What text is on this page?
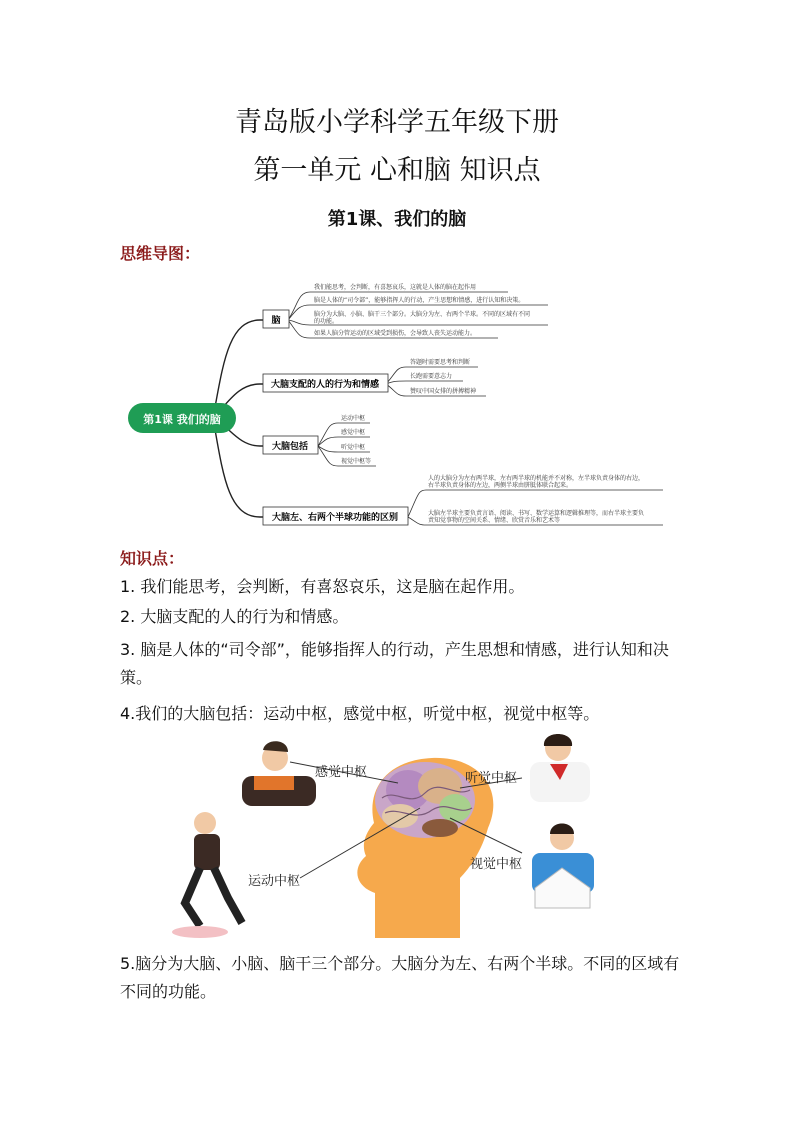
青岛版小学科学五年级下册
第一单元 心和脑 知识点
第1课、我们的脑
思维导图：
第1课 我们的脑
脑
大脑支配的人的行为和情感
大脑包括
大脑左、右两个半球功能的区别
我们能思考，会判断，有喜怒哀乐，这就是人体的脑在起作用
脑是人体的“司令部”，能够指挥人的行动，产生思想和情感，进行认知和决策。
脑分为大脑、小脑、脑干三个部分。大脑分为左、右两个半球。不同的区域有不同
的功能。
如果人脑分管运动的区域受到损伤，会导致人丧失运动能力。
答题时需要思考和判断
长跑需要意志力
赞叹中国女排的拼搏精神
运动中枢
感觉中枢
听觉中枢
视觉中枢等
人的大脑分为左右两半球，左右两半球的机能并不对称，左半球负责身体的右边，
右半球负责身体的左边，两侧半球由胼胝体联合起来。
大脑左半球主要负责言语、阅读、书写、数学运算和逻辑推理等，而右半球主要负
责知觉事物的空间关系、情绪、欣赏音乐和艺术等
知识点：
1. 我们能思考，会判断，有喜怒哀乐，这是脑在起作用。
2. 大脑支配的人的行为和情感。
3. 脑是人体的“司令部”，能够指挥人的行动，产生思想和情感，进行认知和决策。
4.我们的大脑包括：运动中枢，感觉中枢，听觉中枢，视觉中枢等。
感觉中枢	听觉中枢
运动中枢
视觉中枢
5.脑分为大脑、小脑、脑干三个部分。大脑分为左、右两个半球。不同的区域有不同的功能。
